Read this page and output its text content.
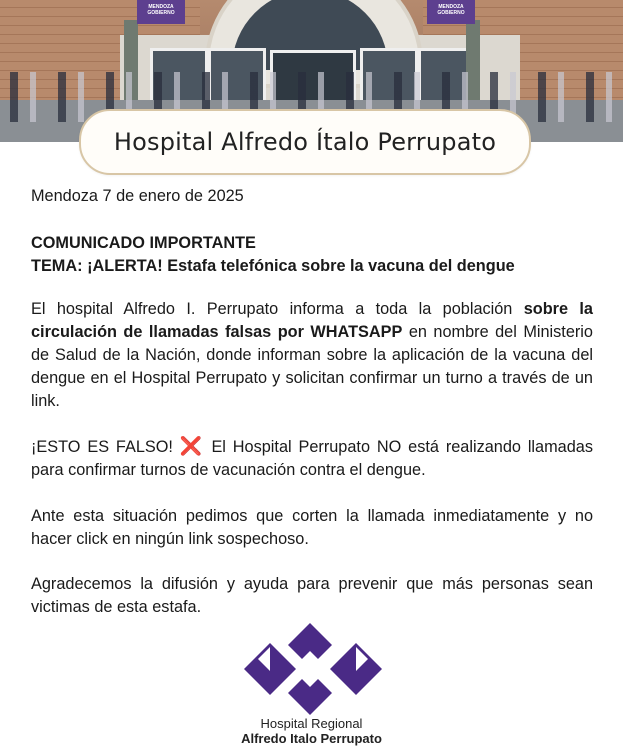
MENDOZA GOBIERNO
MENDOZA GOBIERNO
Hospital Alfredo Ítalo Perrupato
Mendoza 7 de enero de 2025
COMUNICADO IMPORTANTE
TEMA: ¡ALERTA! Estafa telefónica sobre la vacuna del dengue
El hospital Alfredo I. Perrupato informa a toda la población sobre la circulación de llamadas falsas por WHATSAPP en nombre del Ministerio de Salud de la Nación, donde informan sobre la aplicación de la vacuna del dengue en el Hospital Perrupato y solicitan confirmar un turno a través de un link.
¡ESTO ES FALSO! ❌ El Hospital Perrupato NO está realizando llamadas para confirmar turnos de vacunación contra el dengue.
Ante esta situación pedimos que corten la llamada inmediatamente y no hacer click en ningún link sospechoso.
Agradecemos la difusión y ayuda para prevenir que más personas sean victimas de esta estafa.
Hospital Regional
Alfredo Italo Perrupato
